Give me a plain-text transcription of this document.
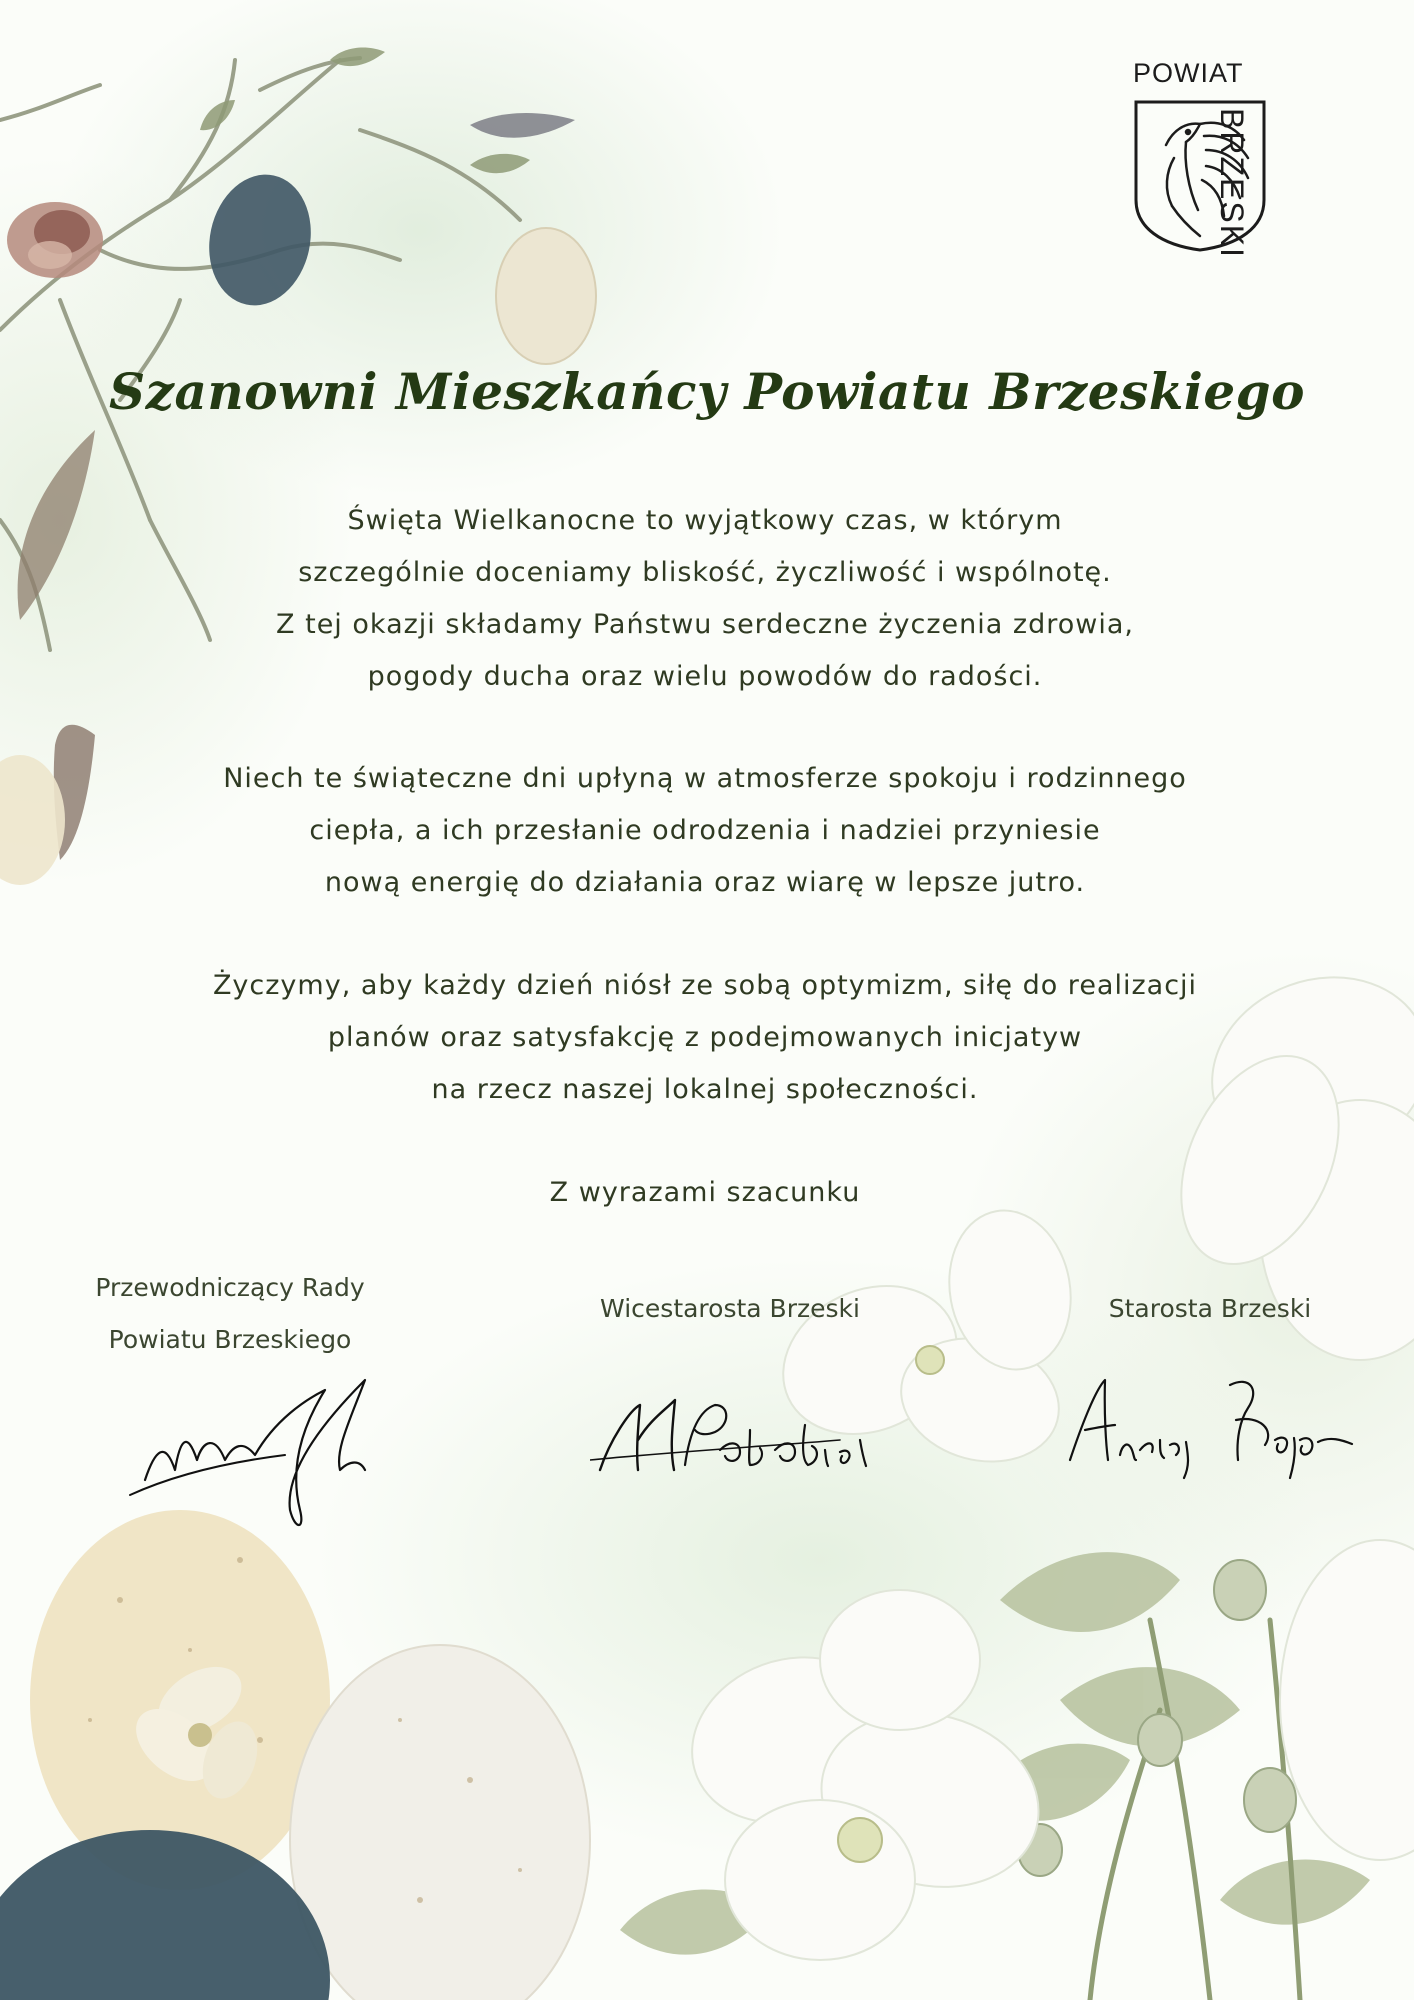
POWIAT
BRZESKI
Szanowni Mieszkańcy Powiatu Brzeskiego

Święta Wielkanocne to wyjątkowy czas, w którym

szczególnie doceniamy bliskość, życzliwość i wspólnotę.

Z tej okazji składamy Państwu serdeczne życzenia zdrowia,

pogody ducha oraz wielu powodów do radości.

Niech te świąteczne dni upłyną w atmosferze spokoju i rodzinnego

ciepła, a ich przesłanie odrodzenia i nadziei przyniesie

nową energię do działania oraz wiarę w lepsze jutro.

Życzymy, aby każdy dzień niósł ze sobą optymizm, siłę do realizacji

planów oraz satysfakcję z podejmowanych inicjatyw

na rzecz naszej lokalnej społeczności.

Z wyrazami szacunku
Przewodniczący Rady
Powiatu Brzeskiego
Wicestarosta Brzeski	Starosta Brzeski
